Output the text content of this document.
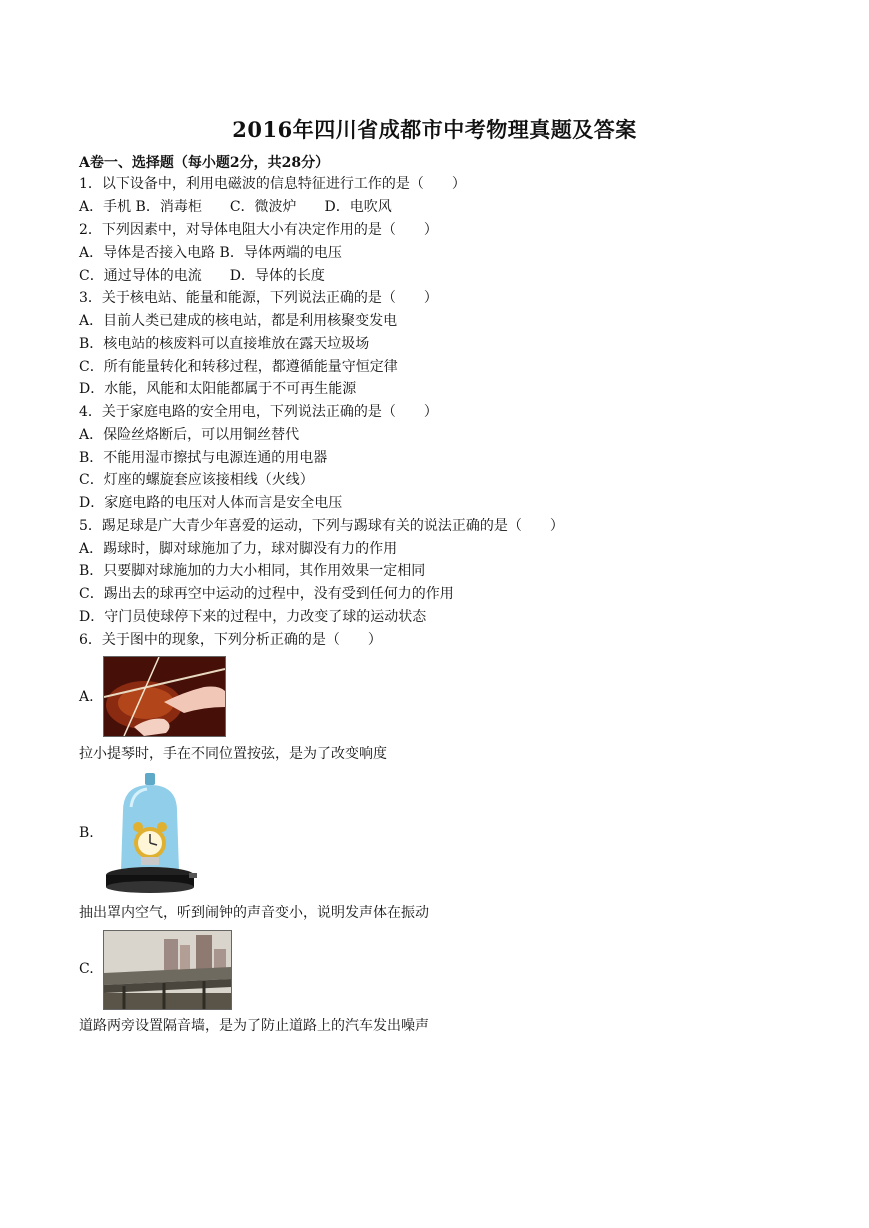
2016年四川省成都市中考物理真题及答案
A卷一、选择题（每小题2分，共28分）
1．以下设备中，利用电磁波的信息特征进行工作的是（　　）
A．手机 B．消毒柜　　C．微波炉　　D．电吹风
2．下列因素中，对导体电阻大小有决定作用的是（　　）
A．导体是否接入电路 B．导体两端的电压
C．通过导体的电流　　D．导体的长度
3．关于核电站、能量和能源，下列说法正确的是（　　）
A．目前人类已建成的核电站，都是利用核聚变发电
B．核电站的核废料可以直接堆放在露天垃圾场
C．所有能量转化和转移过程，都遵循能量守恒定律
D．水能，风能和太阳能都属于不可再生能源
4．关于家庭电路的安全用电，下列说法正确的是（　　）
A．保险丝烙断后，可以用铜丝替代
B．不能用湿市擦拭与电源连通的用电器
C．灯座的螺旋套应该接相线（火线）
D．家庭电路的电压对人体而言是安全电压
5．踢足球是广大青少年喜爱的运动，下列与踢球有关的说法正确的是（　　）
A．踢球时，脚对球施加了力，球对脚没有力的作用
B．只要脚对球施加的力大小相同，其作用效果一定相同
C．踢出去的球再空中运动的过程中，没有受到任何力的作用
D．守门员使球停下来的过程中，力改变了球的运动状态
6．关于图中的现象，下列分析正确的是（　　）
A.
拉小提琴时，手在不同位置按弦，是为了改变响度
B.
抽出罩内空气，听到闹钟的声音变小，说明发声体在振动
C.
道路两旁设置隔音墙，是为了防止道路上的汽车发出噪声
